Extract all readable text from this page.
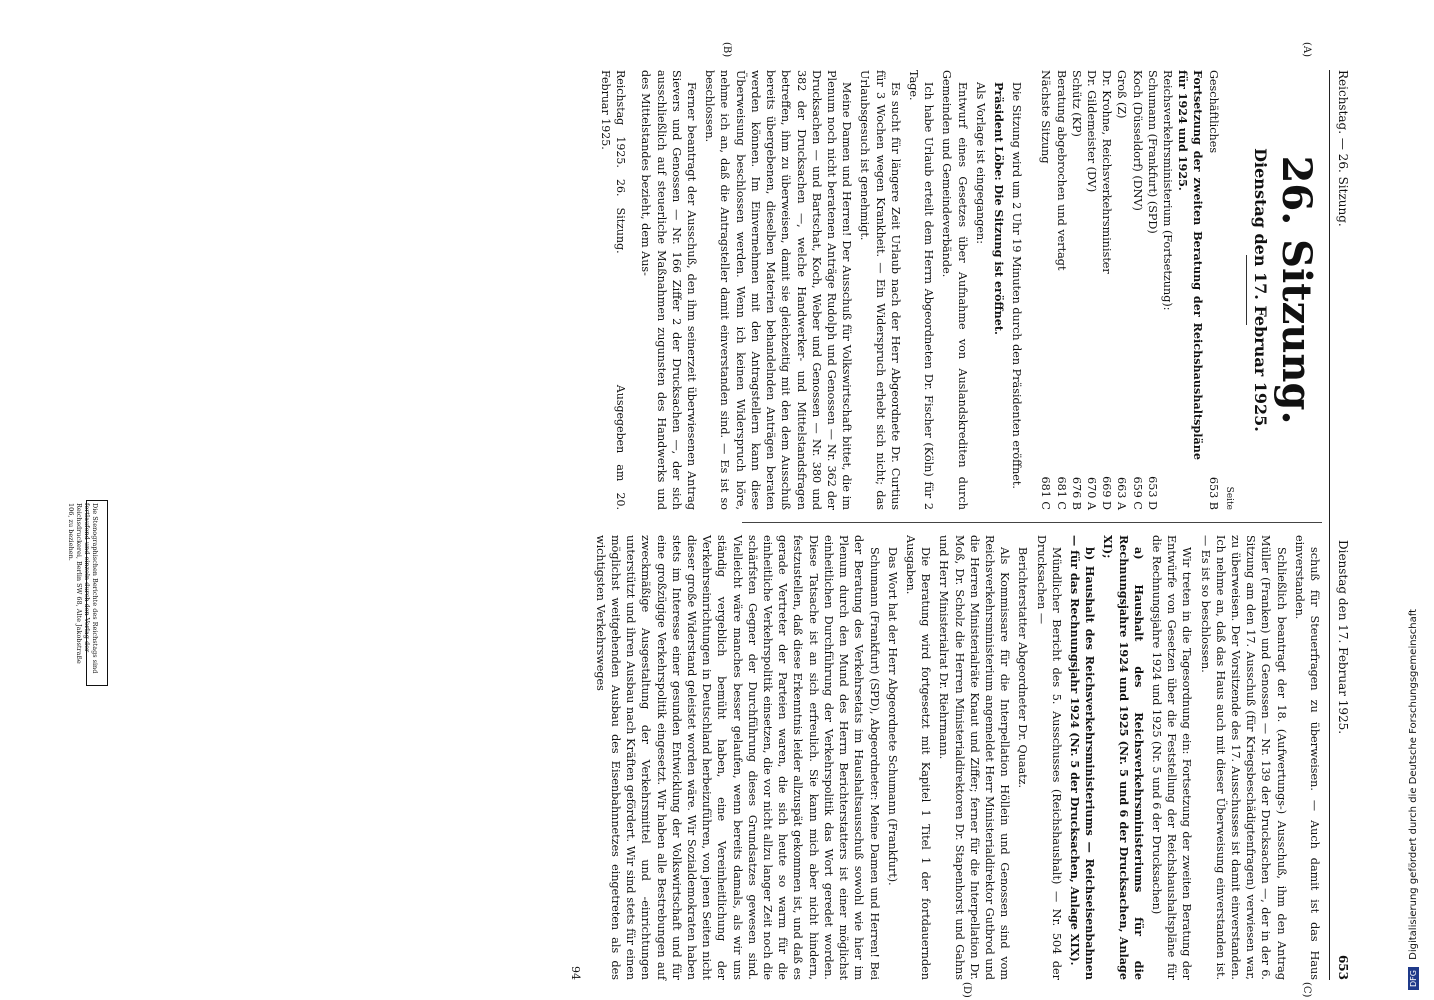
Reichstag. — 26. Sitzung.
Dienstag den 17. Februar 1925.
653
(A)
(B)
(C)
(D)
26. Sitzung.
Dienstag den 17. Februar 1925.
Seite
Geschäftliches	653 B
Fortsetzung der zweiten Beratung der Reichshaushaltspläne für 1924 und 1925.	
Reichsverkehrsministerium (Fortsetzung):	
Schumann (Frankfurt) (SPD)	653 D
Koch (Düsseldorf) (DNV)	659 C
Groß (Z)	663 A
Dr. Krohne, Reichsverkehrsminister	669 D
Dr. Gildemeister (DV)	670 A
Schütz (KP)	676 B
Beratung abgebrochen und vertagt	681 C
Nächste Sitzung	681 C

Die Sitzung wird um 2 Uhr 19 Minuten durch den Präsidenten eröffnet.

Präsident Löbe: Die Sitzung ist eröffnet.

Als Vorlage ist eingegangen:

Entwurf eines Gesetzes über Aufnahme von Auslandskrediten durch Gemeinden und Gemeindeverbände.

Ich habe Urlaub erteilt dem Herrn Abgeordneten Dr. Fischer (Köln) für 2 Tage.

Es sucht für längere Zeit Urlaub nach der Herr Abgeordnete Dr. Curtius für 3 Wochen wegen Krankheit. — Ein Widerspruch erhebt sich nicht; das Urlaubsgesuch ist genehmigt.

Meine Damen und Herren! Der Ausschuß für Volkswirtschaft bittet, die im Plenum noch nicht beratenen Anträge Rudolph und Genossen — Nr. 362 der Drucksachen — und Bartschat, Koch, Weber und Genossen — Nr. 380 und 382 der Drucksachen —, welche Handwerker- und Mittelstandsfragen betreffen, ihm zu überweisen, damit sie gleichzeitig mit den dem Ausschuß bereits übergebenen, dieselben Materien behandelnden Anträgen beraten werden können. Im Einvernehmen mit den Antragstellern kann diese Überweisung beschlossen werden. Wenn ich keinen Widerspruch höre, nehme ich an, daß die Antragsteller damit einverstanden sind. — Es ist so beschlossen.

Ferner beantragt der Ausschuß, den ihm seinerzeit überwiesenen Antrag Sievers und Genossen — Nr. 166 Ziffer 2 der Drucksachen —, der sich ausschließlich auf steuerliche Maßnahmen zugunsten des Handwerks und des Mittelstandes bezieht, dem Aus-

Reichstag 1925. 26. Sitzung. Ausgegeben am 20. Februar 1925.

schuß für Steuerfragen zu überweisen. — Auch damit ist das Haus einverstanden.

Schließlich beantragt der 18. (Aufwertungs-) Ausschuß, ihm den Antrag Müller (Franken) und Genossen — Nr. 139 der Drucksachen —, der in der 6. Sitzung am den 17. Ausschuß (für Kriegsbeschädigtenfragen) verwiesen war, zu überweisen. Der Vorsitzende des 17. Ausschusses ist damit einverstanden. Ich nehme an, daß das Haus auch mit dieser Überweisung einverstanden ist. — Es ist so beschlossen.

Wir treten in die Tagesordnung ein: Fortsetzung der zweiten Beratung der Entwürfe von Gesetzen über die Feststellung der Reichshaushaltspläne für die Rechnungsjahre 1924 und 1925 (Nr. 5 und 6 der Drucksachen)

a) Haushalt des Reichsverkehrsministeriums für die Rechnungsjahre 1924 und 1925 (Nr. 5 und 6 der Drucksachen, Anlage XI);

b) Haushalt des Reichsverkehrsministeriums — Reichseisenbahnen — für das Rechnungsjahr 1924 (Nr. 5 der Drucksachen, Anlage XIX).

Mündlicher Bericht des 5. Ausschusses (Reichshaushalt) — Nr. 504 der Drucksachen —

Berichterstatter Abgeordneter Dr. Quaatz.

Als Kommissare für die Interpellation Höllein und Genossen sind vom Reichsverkehrsministerium angemeldet Herr Ministerialdirektor Gutbrod und die Herren Ministerialräte Knaut und Ziffer; ferner für die Interpellation Dr. Moß, Dr. Scholz die Herren Ministerialdirektoren Dr. Stapenhorst und Gahns und Herr Ministerialrat Dr. Riehrmann.

Die Beratung wird fortgesetzt mit Kapitel 1 Titel 1 der fortdauernden Ausgaben.

Das Wort hat der Herr Abgeordnete Schumann (Frankfurt).

Schumann (Frankfurt) (SPD), Abgeordneter: Meine Damen und Herren! Bei der Beratung des Verkehrsetats im Haushaltsausschuß sowohl wie hier im Plenum durch den Mund des Herrn Berichterstatters ist einer möglichst einheitlichen Durchführung der Verkehrspolitik das Wort geredet worden. Diese Tatsache ist an sich erfreulich. Sie kann mich aber nicht hindern, festzustellen, daß diese Erkenntnis leider allzuspät gekommen ist, und daß es gerade Vertreter der Parteien waren, die sich heute so warm für die einheitliche Verkehrspolitik einsetzen, die vor nicht allzu langer Zeit noch die schärfsten Gegner der Durchführung dieses Grundsatzes gewesen sind. Vielleicht wäre manches besser gelaufen, wenn bereits damals, als wir uns ständig vergeblich bemüht haben, eine Vereinheitlichung der Verkehrseinrichtungen in Deutschland herbeizuführen, von jenen Seiten nicht dieser große Widerstand geleistet worden wäre. Wir Sozialdemokraten haben stets im Interesse einer gesunden Entwicklung der Volkswirtschaft und für eine großzügige Verkehrspolitik eingesetzt. Wir haben alle Bestrebungen auf zweckmäßige Ausgestaltung der Verkehrsmittel und -einrichtungen unterstützt und ihren Ausbau nach Kräften gefördert. Wir sind stets für einen möglichst weitgehenden Ausbau des Eisenbahnnetzes eingetreten als des wichtigsten Verkehrsweges

94
Die Stenographischen Berichte des Reichstags sind fortlaufend und einzeln durch den Verlag der Reichsdruckerei, Berlin SW 68, Alte Jakobstraße 106, zu beziehen.
DFG Digitalisierung gefördert durch die Deutsche Forschungsgemeinschaft
